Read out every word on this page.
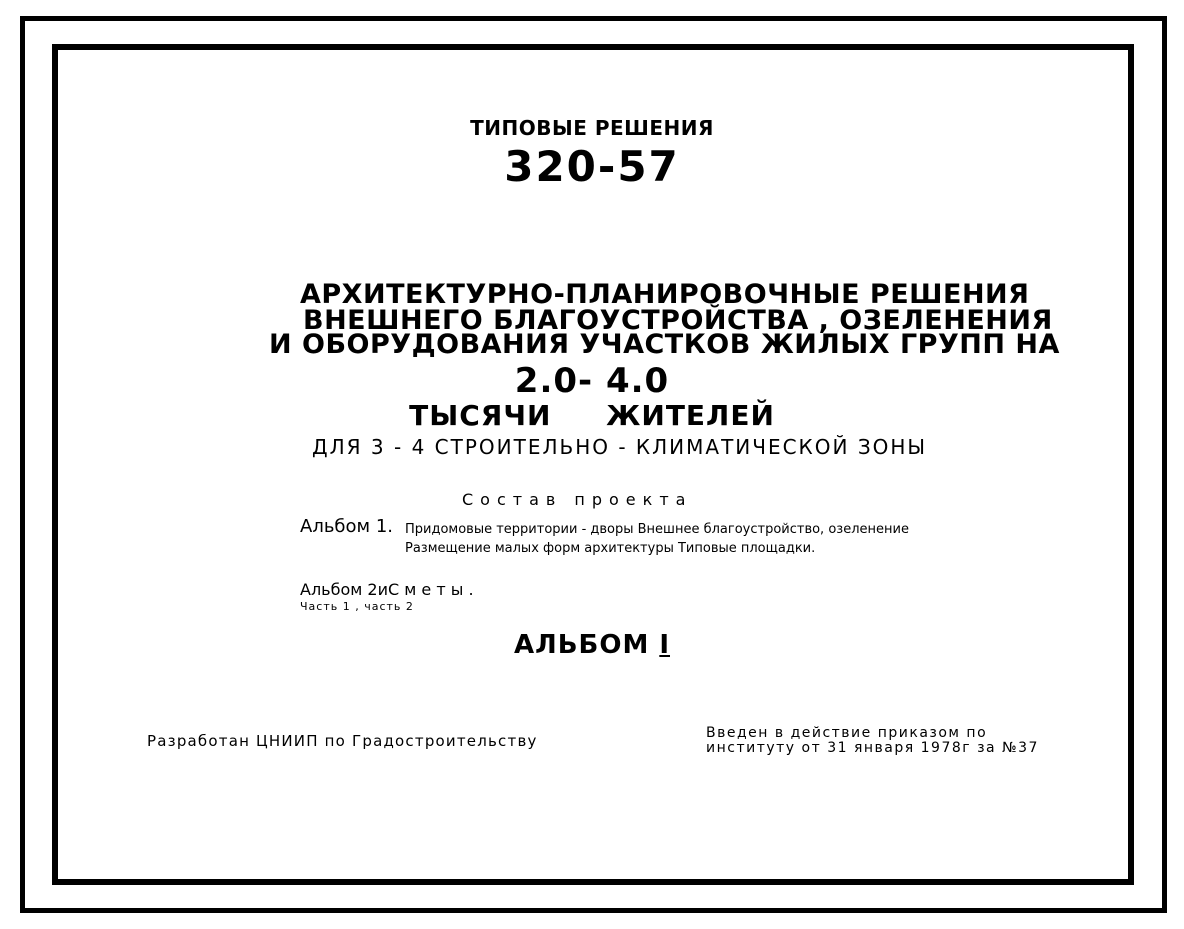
ТИПОВЫЕ РЕШЕНИЯ
320-57
АРХИТЕКТУРНО-ПЛАНИРОВОЧНЫЕ РЕШЕНИЯ
ВНЕШНЕГО БЛАГОУСТРОЙСТВА , ОЗЕЛЕНЕНИЯ
И ОБОРУДОВАНИЯ УЧАСТКОВ ЖИЛЫХ ГРУПП НА
2.0- 4.0
ТЫСЯЧИ ЖИТЕЛЕЙ
ДЛЯ 3 - 4 СТРОИТЕЛЬНО - КЛИМАТИЧЕСКОЙ ЗОНЫ
Состав проекта
Альбом 1. Придомовые территории - дворы Внешнее благоустройство, озеленение Размещение малых форм архитектуры Типовые площадки.
Альбом 2иС м е т ы .
Часть 1 , часть 2
АЛЬБОМ I
Разработан ЦНИИП по Градостроительству	Введен в действие приказом по институту от 31 января 1978г за №37
